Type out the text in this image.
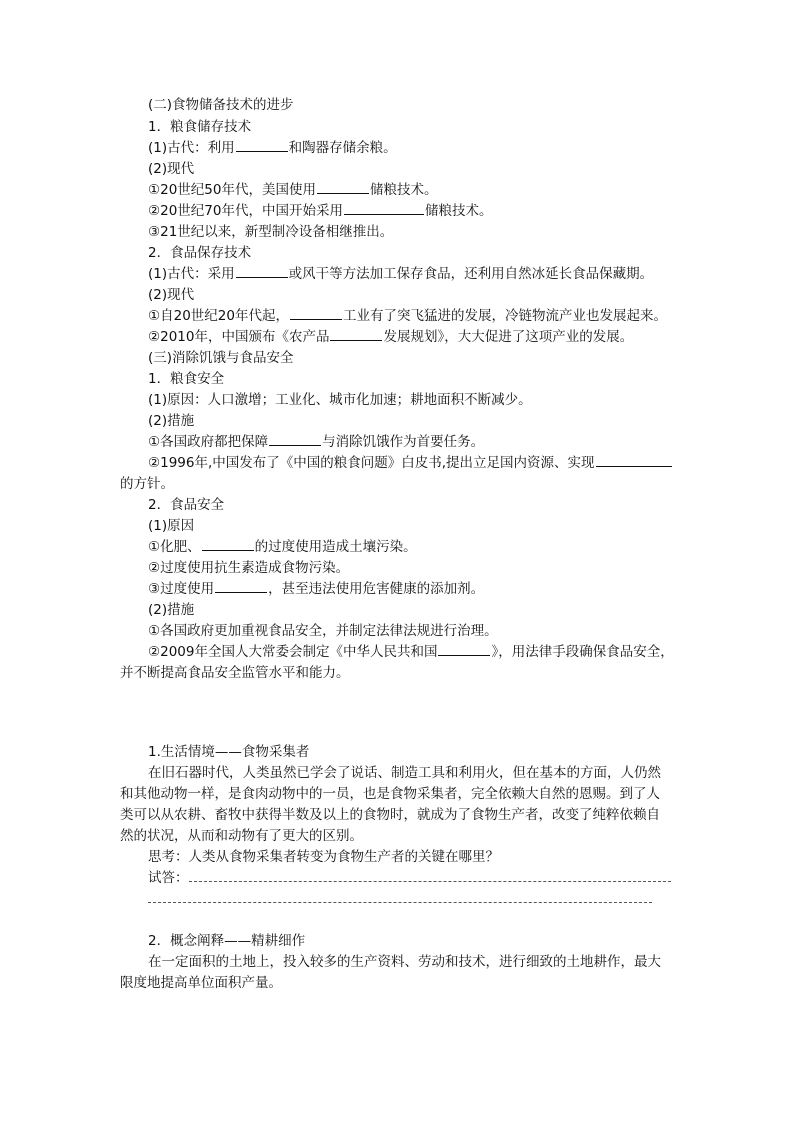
(二)食物储备技术的进步
1．粮食储存技术
(1)古代：利用	和陶器存储余粮。
(2)现代
①20世纪50年代，美国使用	储粮技术。
②20世纪70年代，中国开始采用	储粮技术。
③21世纪以来，新型制冷设备相继推出。
2．食品保存技术
(1)古代：采用	或风干等方法加工保存食品，还利用自然冰延长食品保藏期。
(2)现代
①自20世纪20年代起，	工业有了突飞猛进的发展，冷链物流产业也发展起来。
②2010年，中国颁布《农产品	发展规划》，大大促进了这项产业的发展。
(三)消除饥饿与食品安全
1．粮食安全
(1)原因：人口激增；工业化、城市化加速；耕地面积不断减少。
(2)措施
①各国政府都把保障	与消除饥饿作为首要任务。
②1996年,中国发布了《中国的粮食问题》白皮书,提出立足国内资源、实现
的方针。
2．食品安全
(1)原因
①化肥、	的过度使用造成土壤污染。
②过度使用抗生素造成食物污染。
③过度使用	，甚至违法使用危害健康的添加剂。
(2)措施
①各国政府更加重视食品安全，并制定法律法规进行治理。
②2009年全国人大常委会制定《中华人民共和国	》，用法律手段确保食品安全，
并不断提高食品安全监管水平和能力。
1.生活情境——食物采集者
在旧石器时代，人类虽然已学会了说话、制造工具和利用火，但在基本的方面，人仍然
和其他动物一样，是食肉动物中的一员，也是食物采集者，完全依赖大自然的恩赐。到了人
类可以从农耕、畜牧中获得半数及以上的食物时，就成为了食物生产者，改变了纯粹依赖自
然的状况，从而和动物有了更大的区别。
思考：人类从食物采集者转变为食物生产者的关键在哪里？
试答：
2．概念阐释——精耕细作
在一定面积的土地上，投入较多的生产资料、劳动和技术，进行细致的土地耕作，最大
限度地提高单位面积产量。
